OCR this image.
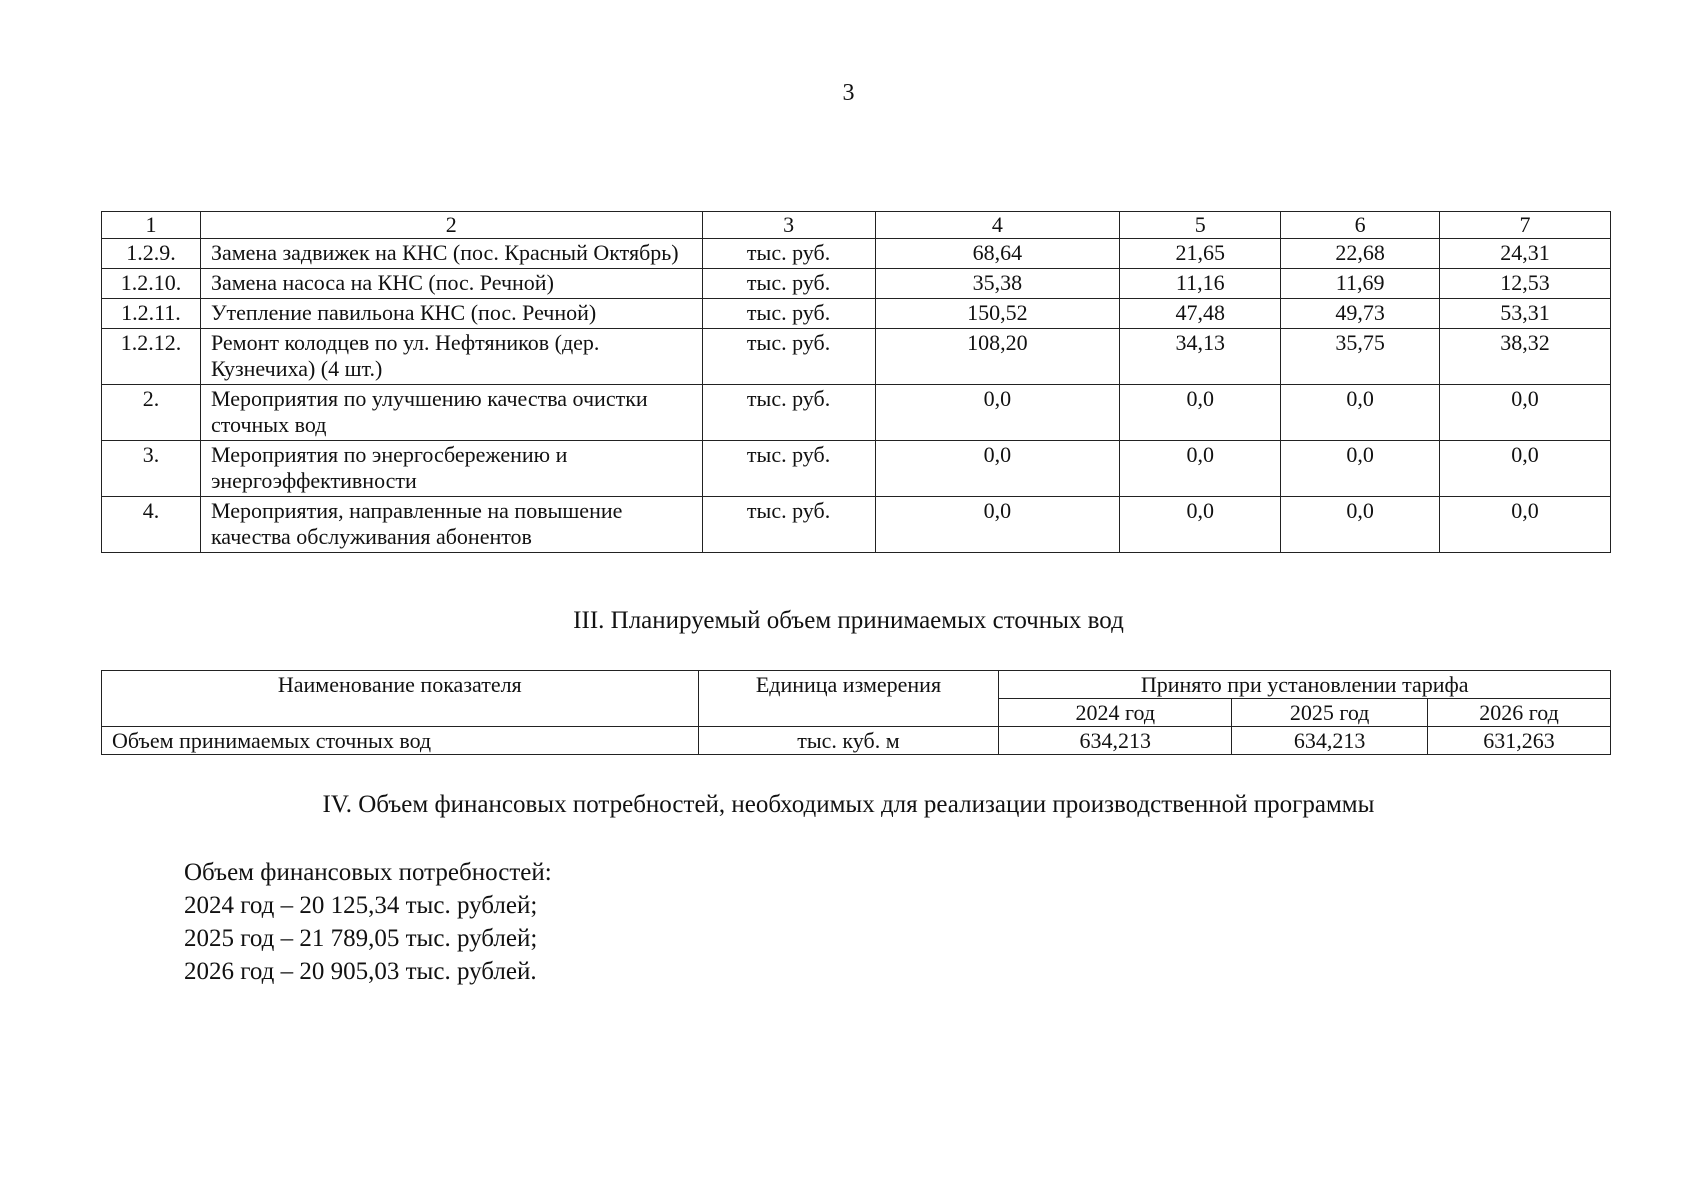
3
1	2	3	4	5	6	7
1.2.9.	Замена задвижек на КНС (пос. Красный Октябрь)	тыс. руб.	68,64	21,65	22,68	24,31
1.2.10.	Замена насоса на КНС (пос. Речной)	тыс. руб.	35,38	11,16	11,69	12,53
1.2.11.	Утепление павильона КНС (пос. Речной)	тыс. руб.	150,52	47,48	49,73	53,31
1.2.12.	Ремонт колодцев по ул. Нефтяников (дер. Кузнечиха) (4 шт.)	тыс. руб.	108,20	34,13	35,75	38,32
2.	Мероприятия по улучшению качества очистки сточных вод	тыс. руб.	0,0	0,0	0,0	0,0
3.	Мероприятия по энергосбережению и энергоэффективности	тыс. руб.	0,0	0,0	0,0	0,0
4.	Мероприятия, направленные на повышение качества обслуживания абонентов	тыс. руб.	0,0	0,0	0,0	0,0
III. Планируемый объем принимаемых сточных вод
Наименование показателя	Единица измерения	Принято при установлении тарифа		
		2024 год	2025 год	2026 год
Объем принимаемых сточных вод	тыс. куб. м	634,213	634,213	631,263
IV. Объем финансовых потребностей, необходимых для реализации производственной программы
Объем финансовых потребностей:
2024 год – 20 125,34 тыс. рублей;
2025 год – 21 789,05 тыс. рублей;
2026 год – 20 905,03 тыс. рублей.
